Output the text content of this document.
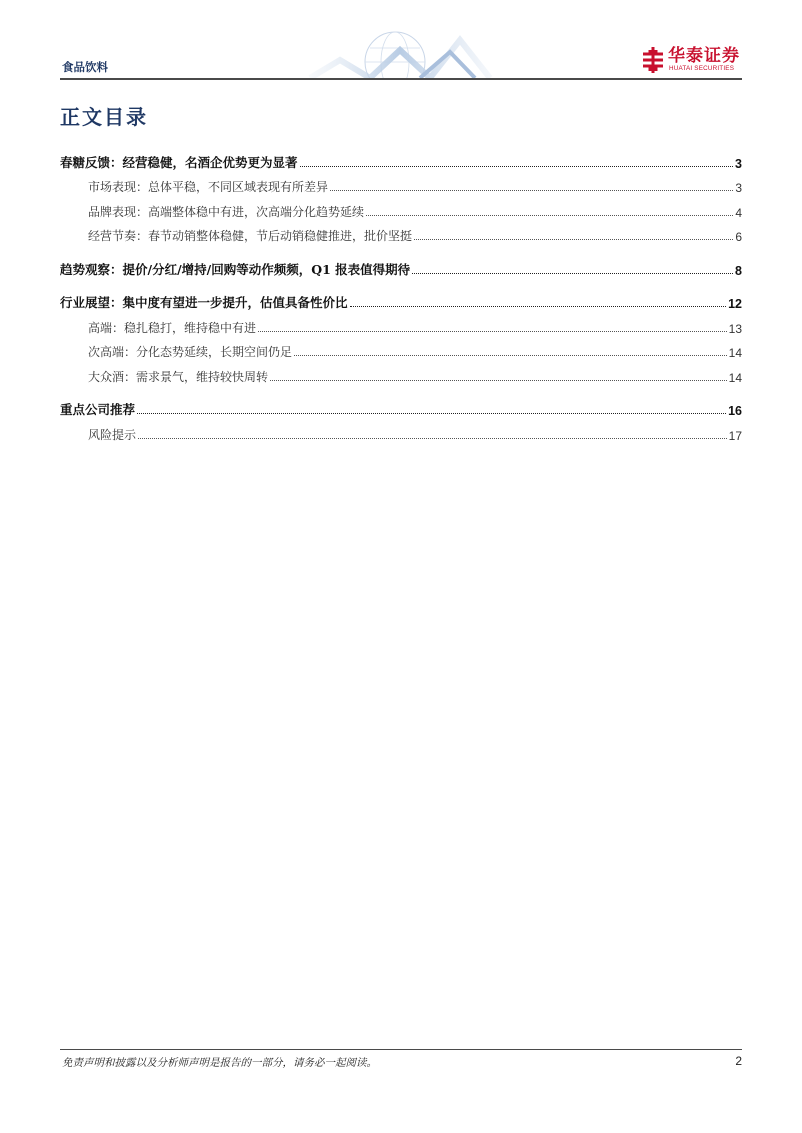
食品饮料
华泰证券
HUATAI SECURITIES
正文目录
春糖反馈：经营稳健，名酒企优势更为显著	3
市场表现：总体平稳，不同区域表现有所差异	3
品牌表现：高端整体稳中有进，次高端分化趋势延续	4
经营节奏：春节动销整体稳健，节后动销稳健推进，批价坚挺	6
趋势观察：提价/分红/增持/回购等动作频频，Q1 报表值得期待	8
行业展望：集中度有望进一步提升，估值具备性价比	12
高端：稳扎稳打，维持稳中有进	13
次高端：分化态势延续，长期空间仍足	14
大众酒：需求景气，维持较快周转	14
重点公司推荐	16
风险提示	17
免责声明和披露以及分析师声明是报告的一部分，请务必一起阅读。	2
